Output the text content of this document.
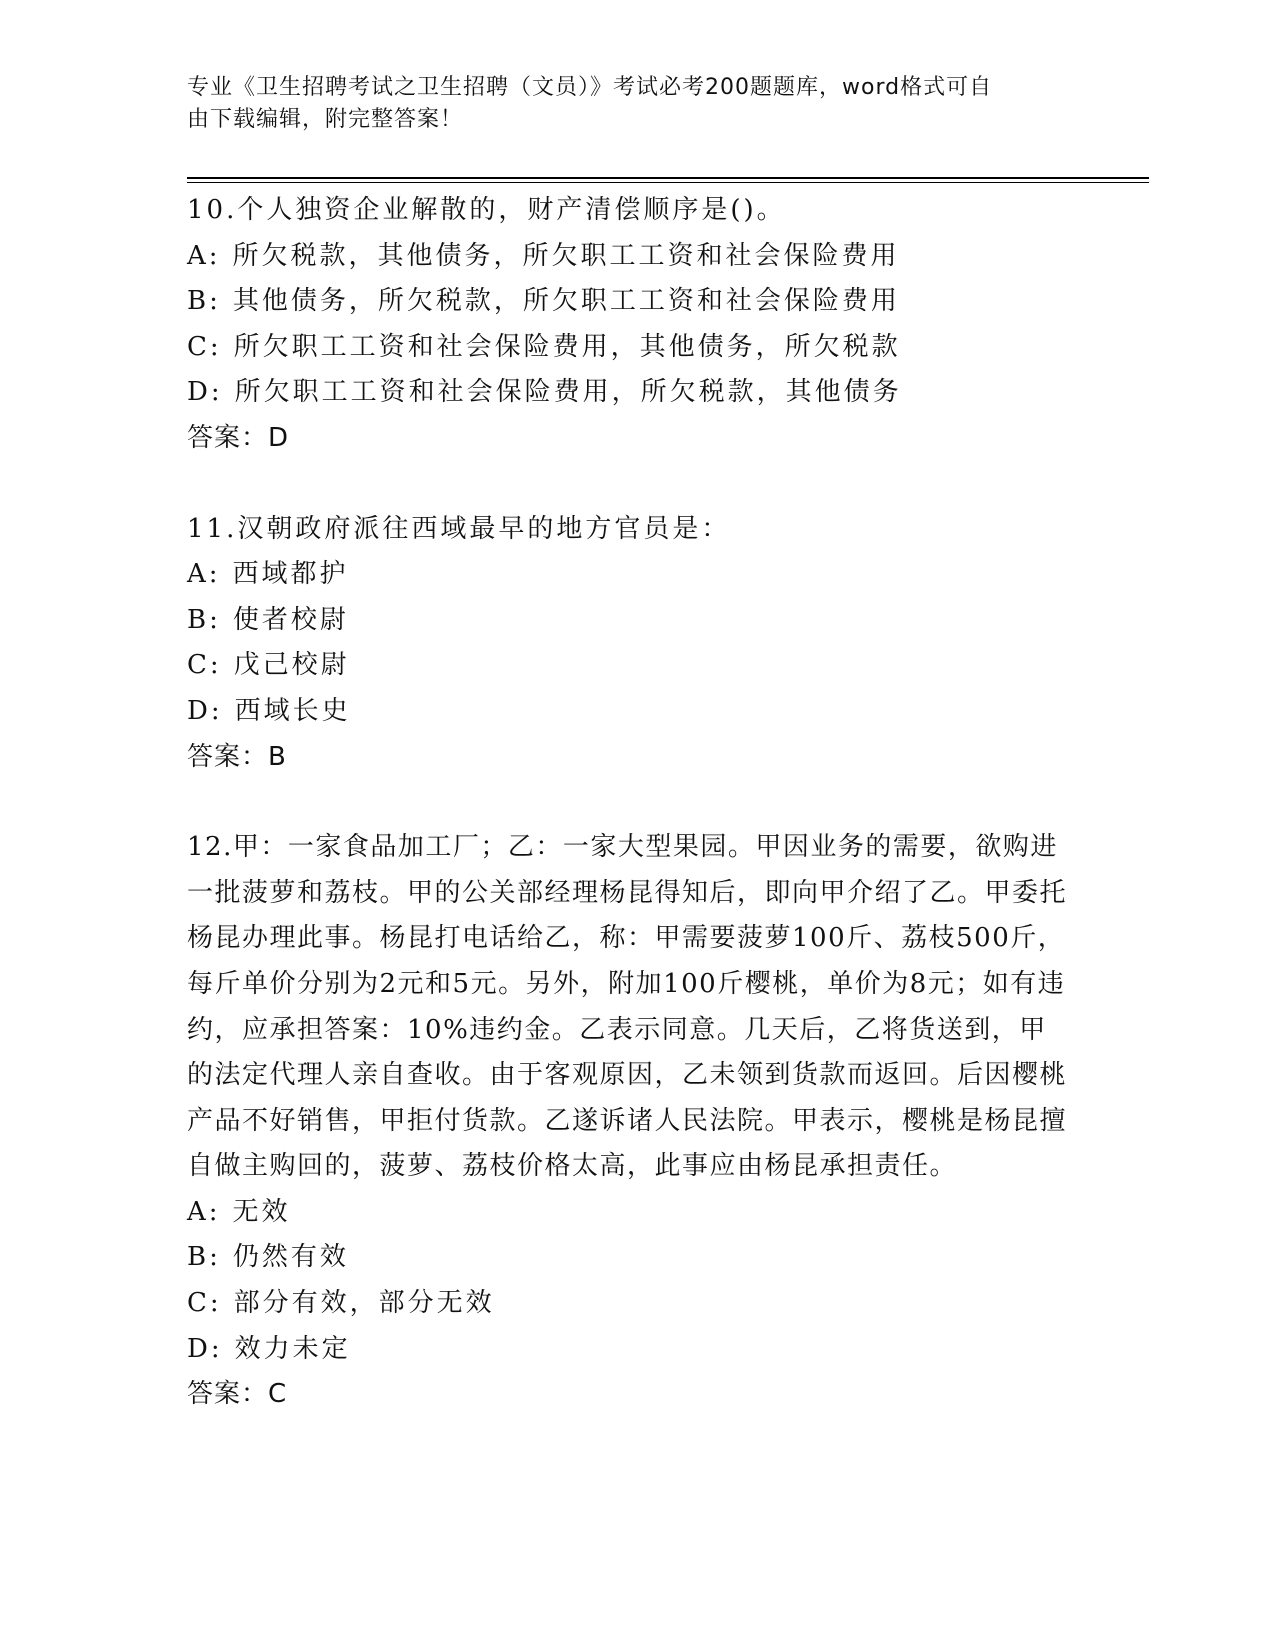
专业《卫生招聘考试之卫生招聘（文员）》考试必考200题题库，word格式可自
由下载编辑，附完整答案！
10.个人独资企业解散的，财产清偿顺序是()。
A: 所欠税款，其他债务，所欠职工工资和社会保险费用
B: 其他债务，所欠税款，所欠职工工资和社会保险费用
C: 所欠职工工资和社会保险费用，其他债务，所欠税款
D: 所欠职工工资和社会保险费用，所欠税款，其他债务
答案：D
11.汉朝政府派往西域最早的地方官员是：
A: 西域都护
B: 使者校尉
C: 戊己校尉
D: 西域长史
答案：B
12.甲：一家食品加工厂；乙：一家大型果园。甲因业务的需要，欲购进一批菠萝和荔枝。甲的公关部经理杨昆得知后，即向甲介绍了乙。甲委托杨昆办理此事。杨昆打电话给乙，称：甲需要菠萝100斤、荔枝500斤，每斤单价分别为2元和5元。另外，附加100斤樱桃，单价为8元；如有违约，应承担答案：10%违约金。乙表示同意。几天后，乙将货送到，甲的法定代理人亲自查收。由于客观原因，乙未领到货款而返回。后因樱桃产品不好销售，甲拒付货款。乙遂诉诸人民法院。甲表示，樱桃是杨昆擅自做主购回的，菠萝、荔枝价格太高，此事应由杨昆承担责任。
A: 无效
B: 仍然有效
C: 部分有效，部分无效
D: 效力未定
答案：C
